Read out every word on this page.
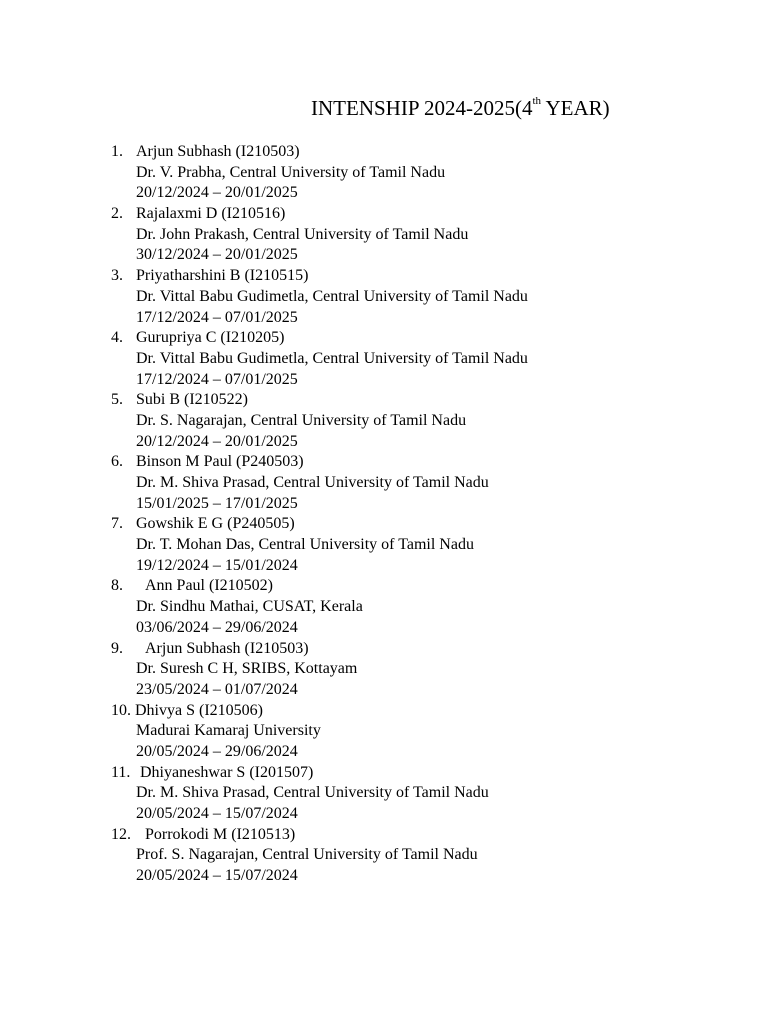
INTENSHIP 2024-2025(4th YEAR)
1. Arjun Subhash (I210503)
Dr. V. Prabha, Central University of Tamil Nadu
20/12/2024 – 20/01/2025
2. Rajalaxmi D (I210516)
Dr. John Prakash, Central University of Tamil Nadu
30/12/2024 – 20/01/2025
3. Priyatharshini B (I210515)
Dr. Vittal Babu Gudimetla, Central University of Tamil Nadu
17/12/2024 – 07/01/2025
4. Gurupriya C (I210205)
Dr. Vittal Babu Gudimetla, Central University of Tamil Nadu
17/12/2024 – 07/01/2025
5. Subi B (I210522)
Dr. S. Nagarajan, Central University of Tamil Nadu
20/12/2024 – 20/01/2025
6. Binson M Paul (P240503)
Dr. M. Shiva Prasad, Central University of Tamil Nadu
15/01/2025 – 17/01/2025
7. Gowshik E G (P240505)
Dr. T. Mohan Das, Central University of Tamil Nadu
19/12/2024 – 15/01/2024
8.	Ann Paul (I210502)
Dr. Sindhu Mathai, CUSAT, Kerala
03/06/2024 – 29/06/2024
9.	Arjun Subhash (I210503)
Dr. Suresh C H, SRIBS, Kottayam
23/05/2024 – 01/07/2024
10. Dhivya S (I210506)
Madurai Kamaraj University
20/05/2024 – 29/06/2024
11. Dhiyaneshwar S (I201507)
Dr. M. Shiva Prasad, Central University of Tamil Nadu
20/05/2024 – 15/07/2024
12. Porrokodi M (I210513)
Prof. S. Nagarajan, Central University of Tamil Nadu
20/05/2024 – 15/07/2024
